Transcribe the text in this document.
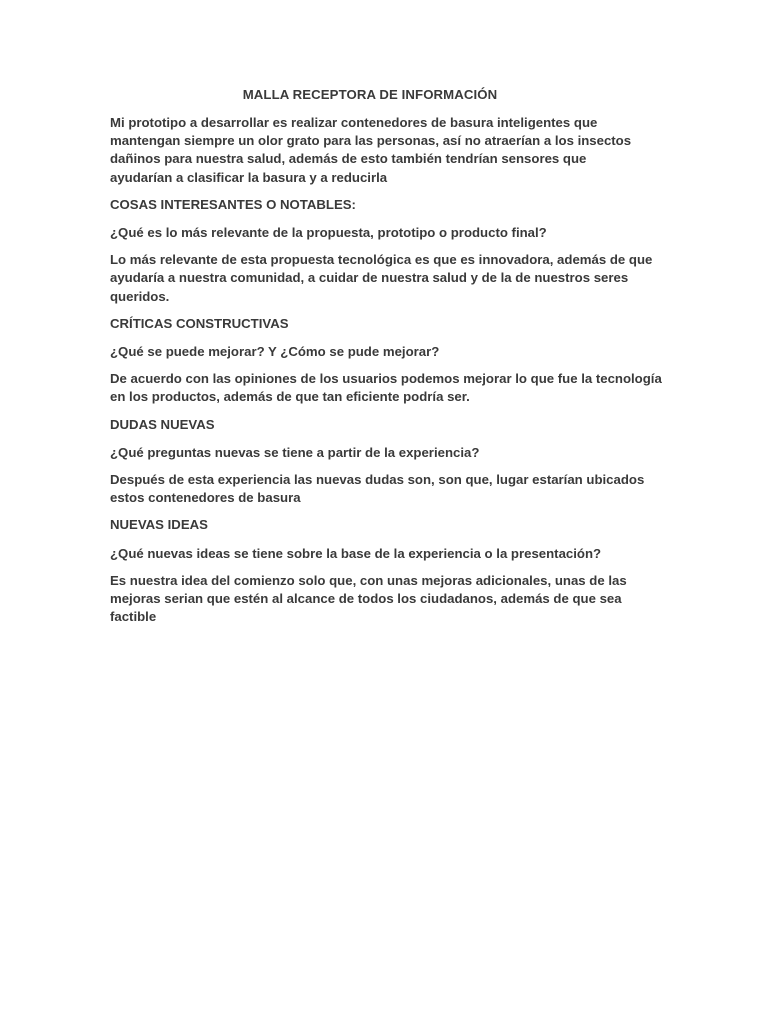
MALLA RECEPTORA DE INFORMACIÓN

Mi prototipo a desarrollar es realizar contenedores de basura inteligentes que mantengan siempre un olor grato para las personas, así no atraerían a los insectos dañinos para nuestra salud, además de esto también tendrían sensores que ayudarían a clasificar la basura y a reducirla

COSAS INTERESANTES O NOTABLES:

¿Qué es lo más relevante de la propuesta, prototipo o producto final?

Lo más relevante de esta propuesta tecnológica es que es innovadora, además de que ayudaría a nuestra comunidad, a cuidar de nuestra salud y de la de nuestros seres queridos.

CRÍTICAS CONSTRUCTIVAS

¿Qué se puede mejorar? Y ¿Cómo se pude mejorar?

De acuerdo con las opiniones de los usuarios podemos mejorar lo que fue la tecnología en los productos, además de que tan eficiente podría ser.

DUDAS NUEVAS

¿Qué preguntas nuevas se tiene a partir de la experiencia?

Después de esta experiencia las nuevas dudas son, son que, lugar estarían ubicados estos contenedores de basura

NUEVAS IDEAS

¿Qué nuevas ideas se tiene sobre la base de la experiencia o la presentación?

Es nuestra idea del comienzo solo que, con unas mejoras adicionales, unas de las mejoras serian que estén al alcance de todos los ciudadanos, además de que sea factible
